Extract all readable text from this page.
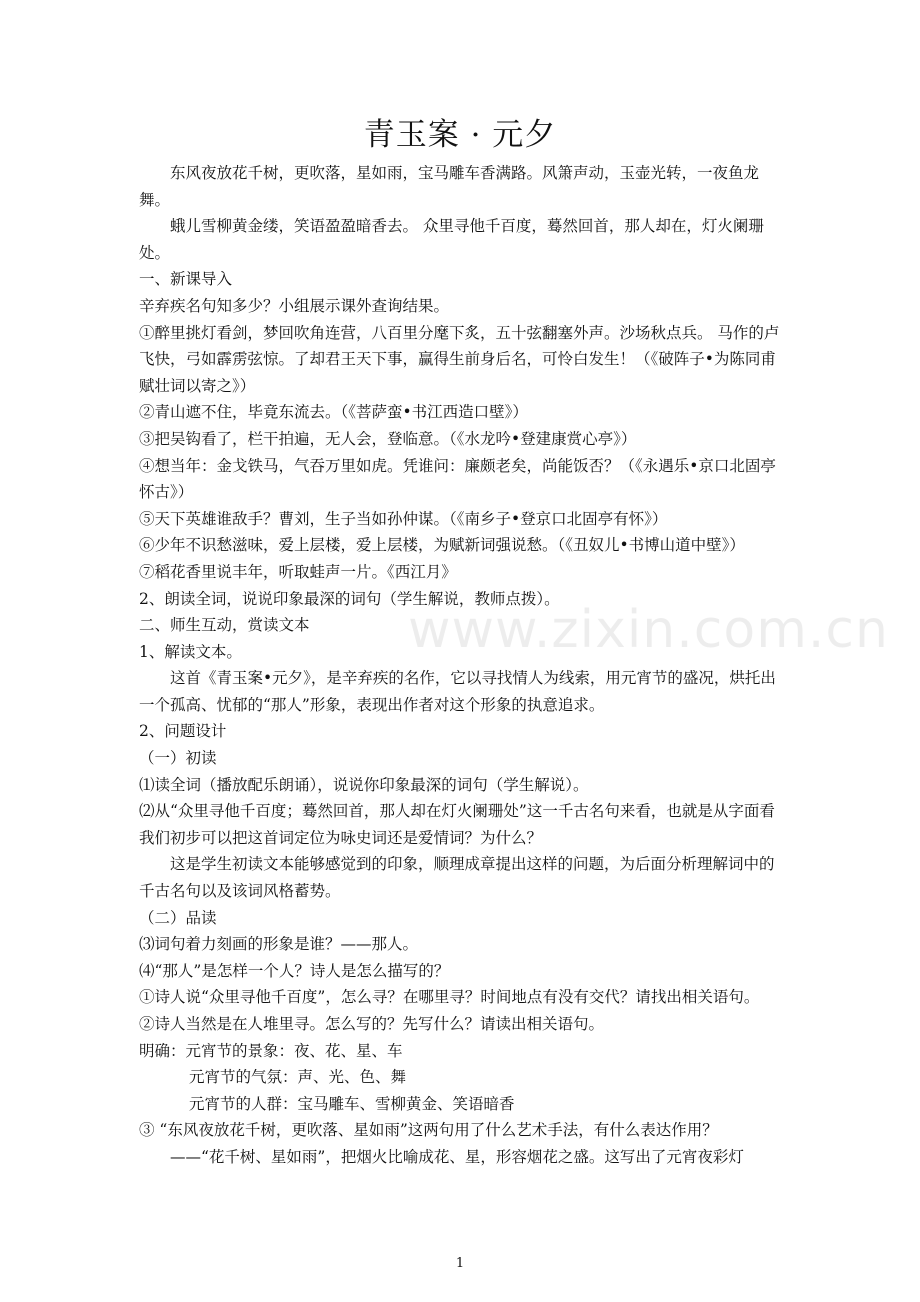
青玉案 · 元夕

东风夜放花千树，更吹落，星如雨，宝马雕车香满路。风箫声动，玉壶光转，一夜鱼龙舞。

蛾儿雪柳黄金缕，笑语盈盈暗香去。 众里寻他千百度，蓦然回首，那人却在，灯火阑珊处。

一、新课导入

辛弃疾名句知多少？小组展示课外查询结果。

①醉里挑灯看剑，梦回吹角连营，八百里分麾下炙，五十弦翻塞外声。沙场秋点兵。 马作的卢飞快，弓如霹雳弦惊。了却君王天下事，赢得生前身后名，可怜白发生！（《破阵子•为陈同甫赋壮词以寄之》）

②青山遮不住，毕竟东流去。（《菩萨蛮•书江西造口壁》）

③把吴钩看了，栏干拍遍，无人会，登临意。（《水龙吟•登建康赏心亭》）

④想当年：金戈铁马，气吞万里如虎。凭谁问：廉颇老矣，尚能饭否？（《永遇乐•京口北固亭怀古》）

⑤天下英雄谁敌手？曹刘，生子当如孙仲谋。（《南乡子•登京口北固亭有怀》）

⑥少年不识愁滋味，爱上层楼，爱上层楼，为赋新词强说愁。（《丑奴儿•书博山道中壁》）

⑦稻花香里说丰年，听取蛙声一片。《西江月》

2、朗读全词，说说印象最深的词句（学生解说，教师点拨）。

二、师生互动，赏读文本

1、解读文本。

这首《青玉案•元夕》，是辛弃疾的名作，它以寻找情人为线索，用元宵节的盛况，烘托出一个孤高、忧郁的“那人”形象，表现出作者对这个形象的执意追求。

2、问题设计

（一）初读

⑴读全词（播放配乐朗诵），说说你印象最深的词句（学生解说）。

⑵从“众里寻他千百度；蓦然回首，那人却在灯火阑珊处”这一千古名句来看，也就是从字面看我们初步可以把这首词定位为咏史词还是爱情词？为什么？

这是学生初读文本能够感觉到的印象，顺理成章提出这样的问题，为后面分析理解词中的千古名句以及该词风格蓄势。

（二）品读

⑶词句着力刻画的形象是谁？——那人。

⑷“那人”是怎样一个人？诗人是怎么描写的？

①诗人说“众里寻他千百度”，怎么寻？在哪里寻？时间地点有没有交代？请找出相关语句。

②诗人当然是在人堆里寻。怎么写的？先写什么？请读出相关语句。

明确：元宵节的景象：夜、花、星、车

元宵节的气氛：声、光、色、舞

元宵节的人群：宝马雕车、雪柳黄金、笑语暗香

③ “东风夜放花千树，更吹落、星如雨”这两句用了什么艺术手法，有什么表达作用？

——“花千树、星如雨”，把烟火比喻成花、星，形容烟花之盛。这写出了元宵夜彩灯

www.zixin.com.cn
1
